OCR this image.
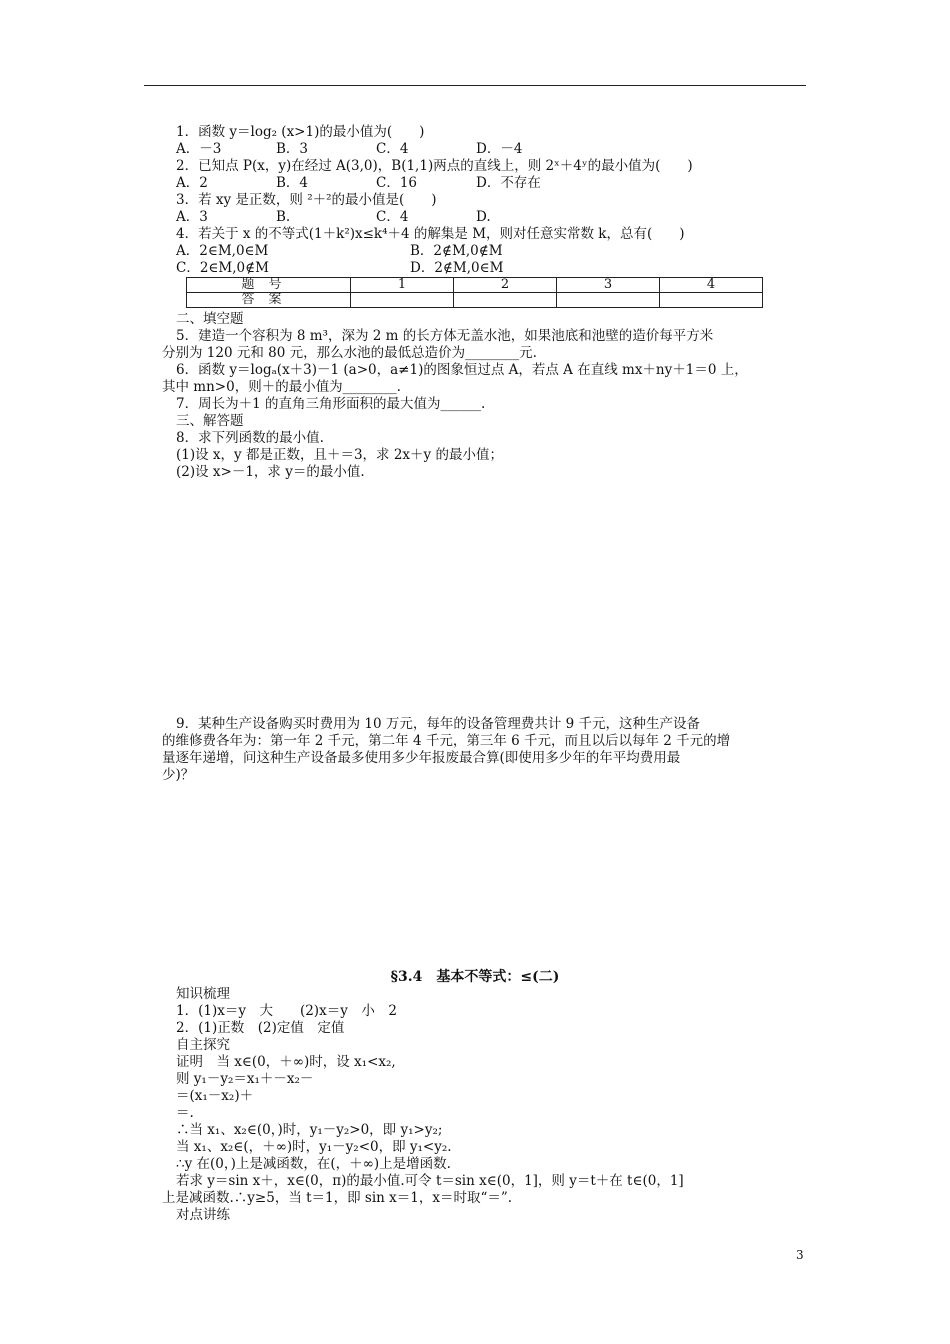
1．函数 y＝log₂ (x>1)的最小值为(　　)
A．－3	B．3	C．4	D．－4
2．已知点 P(x，y)在经过 A(3,0)，B(1,1)两点的直线上，则 2ˣ＋4ʸ的最小值为(　　)
A．2	B．4	C．16	D．不存在
3．若 xy 是正数，则 ²＋²的最小值是(　　)
A．3	B.	C．4	D.
4．若关于 x 的不等式(1＋k²)x≤k⁴＋4 的解集是 M，则对任意实常数 k，总有(　　)
A．2∈M,0∈M	B．2∉M,0∉M
C．2∈M,0∉M	D．2∉M,0∈M
题号	1	2	3	4
答案				
二、填空题
5．建造一个容积为 8 m³，深为 2 m 的长方体无盖水池，如果池底和池壁的造价每平方米
分别为 120 元和 80 元，那么水池的最低总造价为________元.
6．函数 y＝logₐ(x＋3)－1 (a>0，a≠1)的图象恒过点 A，若点 A 在直线 mx＋ny＋1＝0 上，
其中 mn>0，则＋的最小值为________.
7．周长为＋1 的直角三角形面积的最大值为______.
三、解答题
8．求下列函数的最小值.
(1)设 x，y 都是正数，且＋＝3，求 2x＋y 的最小值；
(2)设 x>－1，求 y＝的最小值.
9．某种生产设备购买时费用为 10 万元，每年的设备管理费共计 9 千元，这种生产设备
的维修费各年为：第一年 2 千元，第二年 4 千元，第三年 6 千元，而且以后以每年 2 千元的增
量逐年递增，问这种生产设备最多使用多少年报废最合算(即使用多少年的年平均费用最
少)？
§3.4　基本不等式：≤(二)
知识梳理
1．(1)x＝y　大　　(2)x＝y　小　2
2．(1)正数　(2)定值　定值
自主探究
证明　当 x∈(0，＋∞)时，设 x₁<x₂,
则 y₁－y₂＝x₁＋－x₂－
＝(x₁－x₂)＋
＝.
∴当 x₁、x₂∈(0，)时，y₁－y₂>0，即 y₁>y₂;
当 x₁、x₂∈(，＋∞)时，y₁－y₂<0，即 y₁<y₂.
∴y 在(0，)上是减函数，在(，＋∞)上是增函数.
若求 y＝sin x＋，x∈(0，π)的最小值.可令 t＝sin x∈(0，1]，则 y＝t＋在 t∈(0，1]
上是减函数.∴y≥5，当 t＝1，即 sin x＝1，x＝时取“＝”.
对点讲练
3
